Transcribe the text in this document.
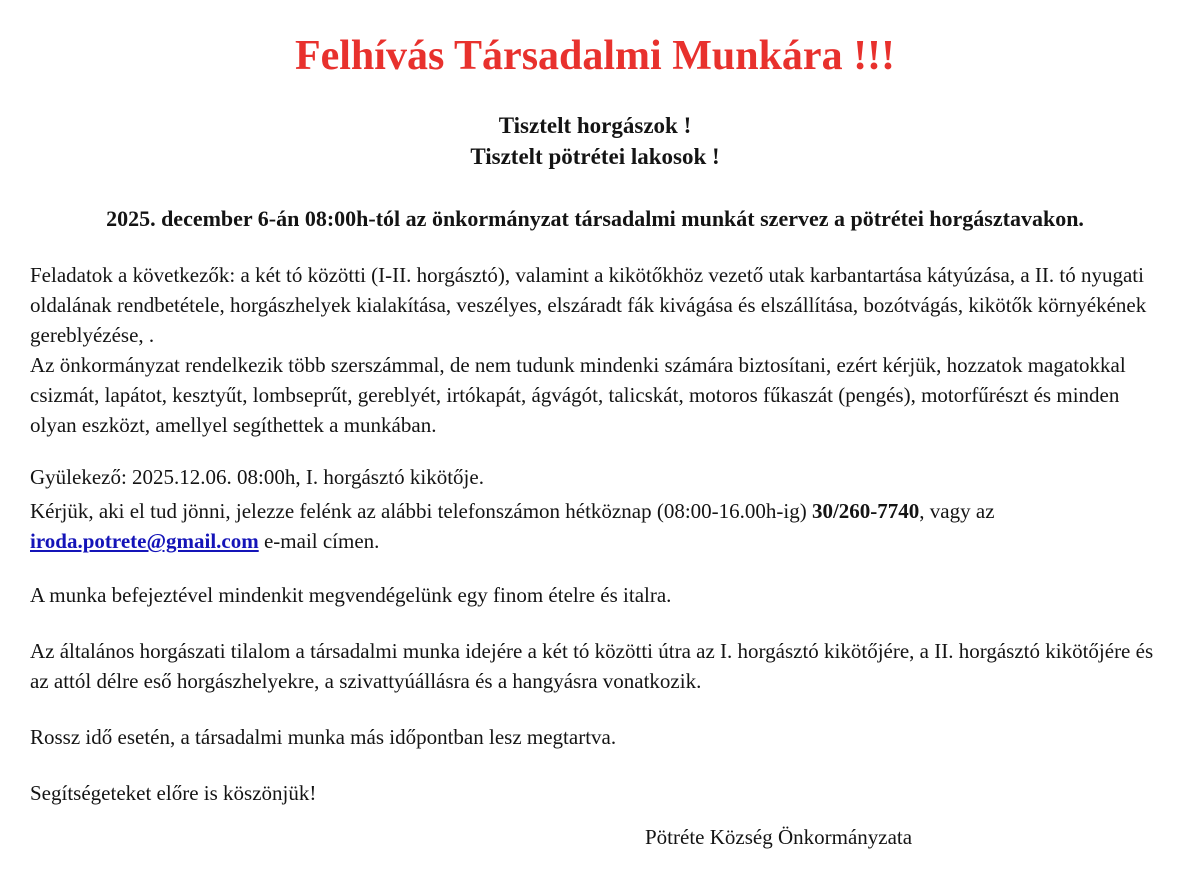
Felhívás Társadalmi Munkára !!!
Tisztelt horgászok !
Tisztelt pötrétei lakosok !
2025. december 6-án 08:00h-tól az önkormányzat társadalmi munkát szervez a pötrétei horgásztavakon.
Feladatok a következők: a két tó közötti (I-II. horgásztó), valamint a kikötőkhöz vezető utak karbantartása kátyúzása, a II. tó nyugati oldalának rendbetétele, horgászhelyek kialakítása, veszélyes, elszáradt fák kivágása és elszállítása, bozótvágás, kikötők környékének gereblyézése, .
Az önkormányzat rendelkezik több szerszámmal, de nem tudunk mindenki számára biztosítani, ezért kérjük, hozzatok magatokkal csizmát, lapátot, kesztyűt, lombseprűt, gereblyét, irtókapát, ágvágót, talicskát, motoros fűkaszát (pengés), motorfűrészt és minden olyan eszközt, amellyel segíthettek a munkában.
Gyülekező: 2025.12.06. 08:00h, I. horgásztó kikötője.
Kérjük, aki el tud jönni, jelezze felénk az alábbi telefonszámon hétköznap (08:00-16.00h-ig) 30/260-7740, vagy az iroda.potrete@gmail.com e-mail címen.
A munka befejeztével mindenkit megvendégelünk egy finom ételre és italra.
Az általános horgászati tilalom a társadalmi munka idejére a két tó közötti útra az I. horgásztó kikötőjére, a II. horgásztó kikötőjére és az attól délre eső horgászhelyekre, a szivattyúállásra és a hangyásra vonatkozik.
Rossz idő esetén, a társadalmi munka más időpontban lesz megtartva.
Segítségeteket előre is köszönjük!
Pötréte Község Önkormányzata
